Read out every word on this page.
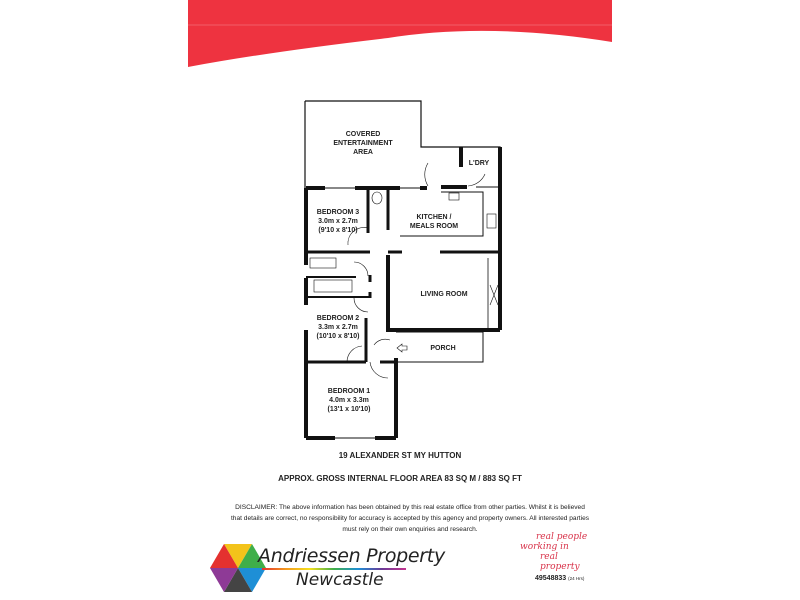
COVERED ENTERTAINMENT AREA
L'DRY
BEDROOM 3 3.0m x 2.7m (9'10 x 8'10)
KITCHEN / MEALS ROOM
LIVING ROOM
BEDROOM 2 3.3m x 2.7m (10'10 x 8'10)
PORCH
BEDROOM 1 4.0m x 3.3m (13'1 x 10'10)
19 ALEXANDER ST MY HUTTON
APPROX. GROSS INTERNAL FLOOR AREA 83 SQ M / 883 SQ FT
DISCLAIMER: The above information has been obtained by this real estate office from other parties. Whilst it is believed that details are correct, no responsibility for accuracy is accepted by this agency and property owners. All interested parties must rely on their own enquiries and research.
Andriessen Property
Newcastle
real people
working in
real property
49548833 (24 Hrs)
